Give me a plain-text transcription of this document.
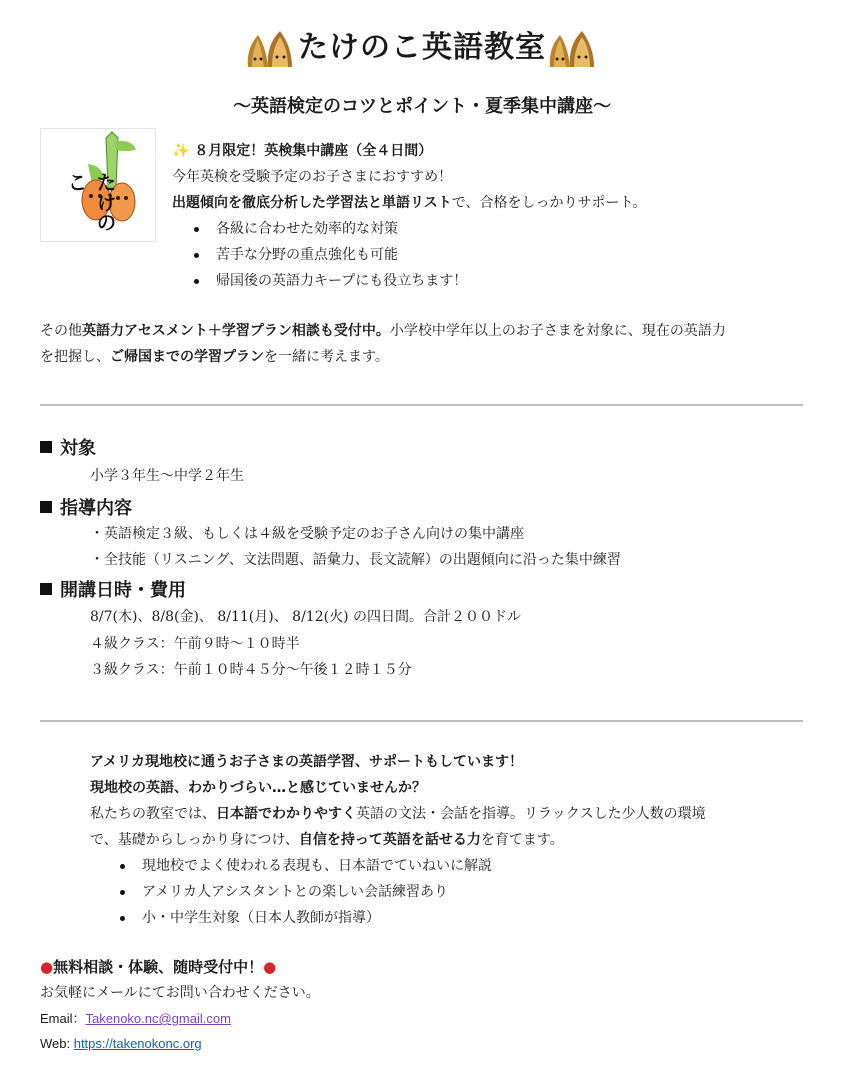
たけのこ英語教室
〜英語検定のコツとポイント・夏季集中講座〜
たけのこ
✨ ８月限定！英検集中講座（全４日間）
今年英検を受験予定のお子さまにおすすめ！
出題傾向を徹底分析した学習法と単語リストで、合格をしっかりサポート。
各級に合わせた効率的な対策
苦手な分野の重点強化も可能
帰国後の英語力キープにも役立ちます！
その他英語力アセスメント＋学習プラン相談も受付中。小学校中学年以上のお子さまを対象に、現在の英語力
を把握し、ご帰国までの学習プランを一緒に考えます。
対象
小学３年生〜中学２年生
指導内容
・英語検定３級、もしくは４級を受験予定のお子さん向けの集中講座
・全技能（リスニング、文法問題、語彙力、長文読解）の出題傾向に沿った集中練習
開講日時・費用
8/7(木)、8/8(金)、 8/11(月)、 8/12(火) の四日間。合計２００ドル
４級クラス：午前９時〜１０時半
３級クラス：午前１０時４５分〜午後１２時１５分
アメリカ現地校に通うお子さまの英語学習、サポートもしています！
現地校の英語、わかりづらい…と感じていませんか？
私たちの教室では、日本語でわかりやすく英語の文法・会話を指導。リラックスした少人数の環境
で、基礎からしっかり身につけ、自信を持って英語を話せる力を育てます。
現地校でよく使われる表現も、日本語でていねいに解説
アメリカ人アシスタントとの楽しい会話練習あり
小・中学生対象（日本人教師が指導）
●無料相談・体験、随時受付中！●
お気軽にメールにてお問い合わせください。
Email：Takenoko.nc@gmail.com
Web: https://takenokonc.org
